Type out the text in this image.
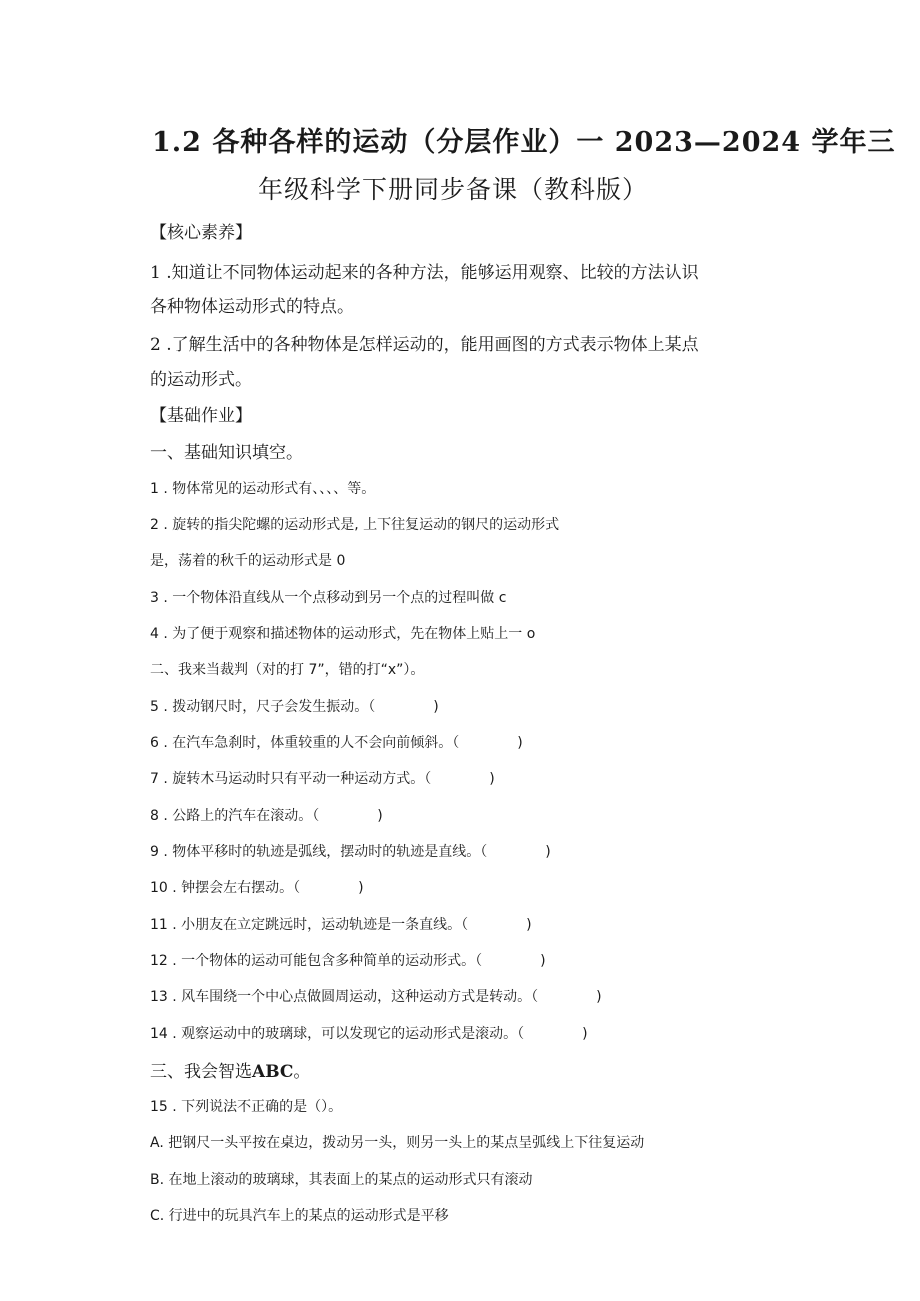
1.2 各种各样的运动（分层作业）一 2023—2024 学年三
年级科学下册同步备课（教科版）
【核心素养】
1 .知道让不同物体运动起来的各种方法，能够运用观察、比较的方法认识
各种物体运动形式的特点。
2 .了解生活中的各种物体是怎样运动的，能用画图的方式表示物体上某点
的运动形式。
【基础作业】
一、基础知识填空。
1 . 物体常见的运动形式有、、、、等。
2 . 旋转的指尖陀螺的运动形式是, 上下往复运动的钢尺的运动形式
是，荡着的秋千的运动形式是 0
3 . 一个物体沿直线从一个点移动到另一个点的过程叫做 c
4 . 为了便于观察和描述物体的运动形式，先在物体上贴上一 o
二、我来当裁判（对的打 7”，错的打“x”）。
5 . 拨动钢尺时，尺子会发生振动。（	)
6 . 在汽车急刹时，体重较重的人不会向前倾斜。（	)
7 . 旋转木马运动时只有平动一种运动方式。（	)
8 . 公路上的汽车在滚动。（	)
9 . 物体平移时的轨迹是弧线，摆动时的轨迹是直线。（	)
10 . 钟摆会左右摆动。（	)
11 . 小朋友在立定跳远时，运动轨迹是一条直线。（	)
12 . 一个物体的运动可能包含多种简单的运动形式。（	)
13 . 风车围绕一个中心点做圆周运动，这种运动方式是转动。（	)
14 . 观察运动中的玻璃球，可以发现它的运动形式是滚动。（	)
三、我会智选ABC。
15 . 下列说法不正确的是（）。
A. 把钢尺一头平按在桌边，拨动另一头，则另一头上的某点呈弧线上下往复运动
B. 在地上滚动的玻璃球，其表面上的某点的运动形式只有滚动
C. 行进中的玩具汽车上的某点的运动形式是平移
